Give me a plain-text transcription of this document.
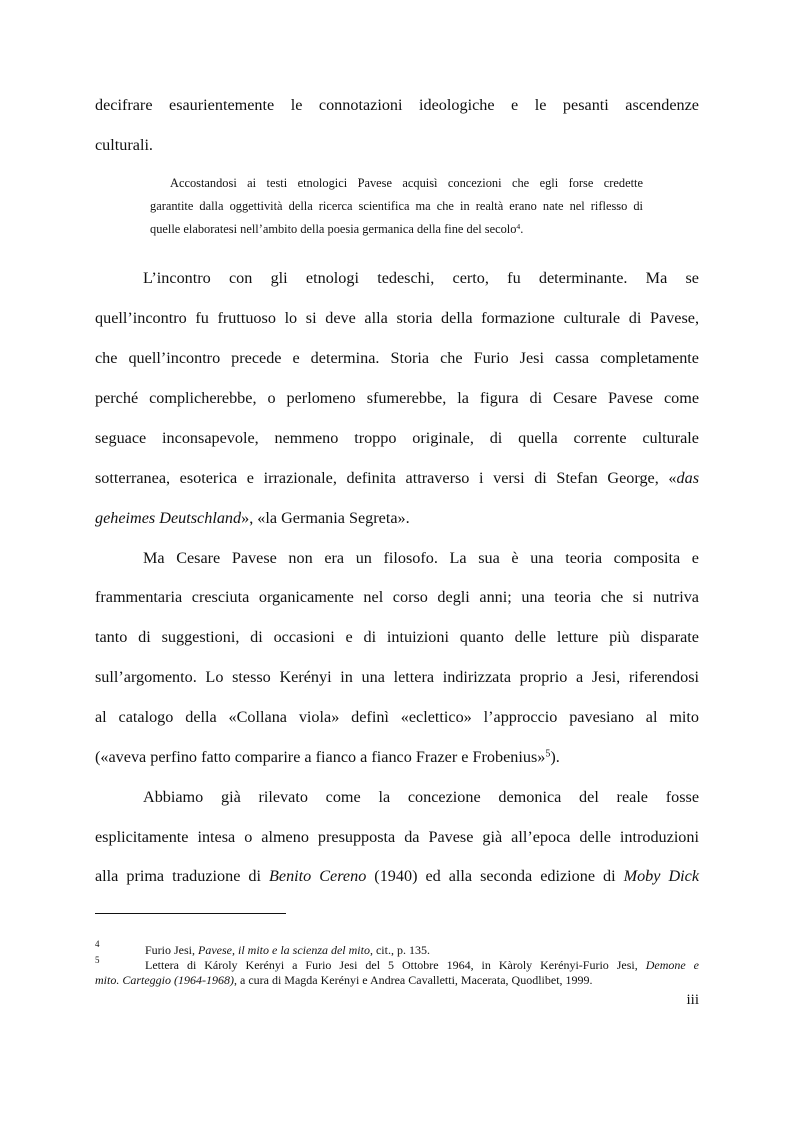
decifrare esaurientemente le connotazioni ideologiche e le pesanti ascendenze
culturali.
Accostandosi ai testi etnologici Pavese acquisì concezioni che egli forse credette
garantite dalla oggettività della ricerca scientifica ma che in realtà erano nate nel riflesso di
quelle elaboratesi nell’ambito della poesia germanica della fine del secolo$^4$.
L’incontro con gli etnologi tedeschi, certo, fu determinante. Ma se
quell’incontro fu fruttuoso lo si deve alla storia della formazione culturale di Pavese,
che quell’incontro precede e determina. Storia che Furio Jesi cassa completamente
perché complicherebbe, o perlomeno sfumerebbe, la figura di Cesare Pavese come
seguace inconsapevole, nemmeno troppo originale, di quella corrente culturale
sotterranea, esoterica e irrazionale, definita attraverso i versi di Stefan George, «das
geheimes Deutschland», «la Germania Segreta».
Ma Cesare Pavese non era un filosofo. La sua è una teoria composita e
frammentaria cresciuta organicamente nel corso degli anni; una teoria che si nutriva
tanto di suggestioni, di occasioni e di intuizioni quanto delle letture più disparate
sull’argomento. Lo stesso Kerényi in una lettera indirizzata proprio a Jesi, riferendosi
al catalogo della «Collana viola» definì «eclettico» l’approccio pavesiano al mito
(«aveva perfino fatto comparire a fianco a fianco Frazer e Frobenius»$^5$).
Abbiamo già rilevato come la concezione demonica del reale fosse
esplicitamente intesa o almeno presupposta da Pavese già all’epoca delle introduzioni
alla prima traduzione di Benito Cereno (1940) ed alla seconda edizione di Moby Dick
4	Furio Jesi, Pavese, il mito e la scienza del mito, cit., p. 135.
5	Lettera di Károly Kerényi a Furio Jesi del 5 Ottobre 1964, in Kàroly Kerényi-Furio Jesi, Demone e
mito. Carteggio (1964-1968), a cura di Magda Kerényi e Andrea Cavalletti, Macerata, Quodlibet, 1999.
iii
